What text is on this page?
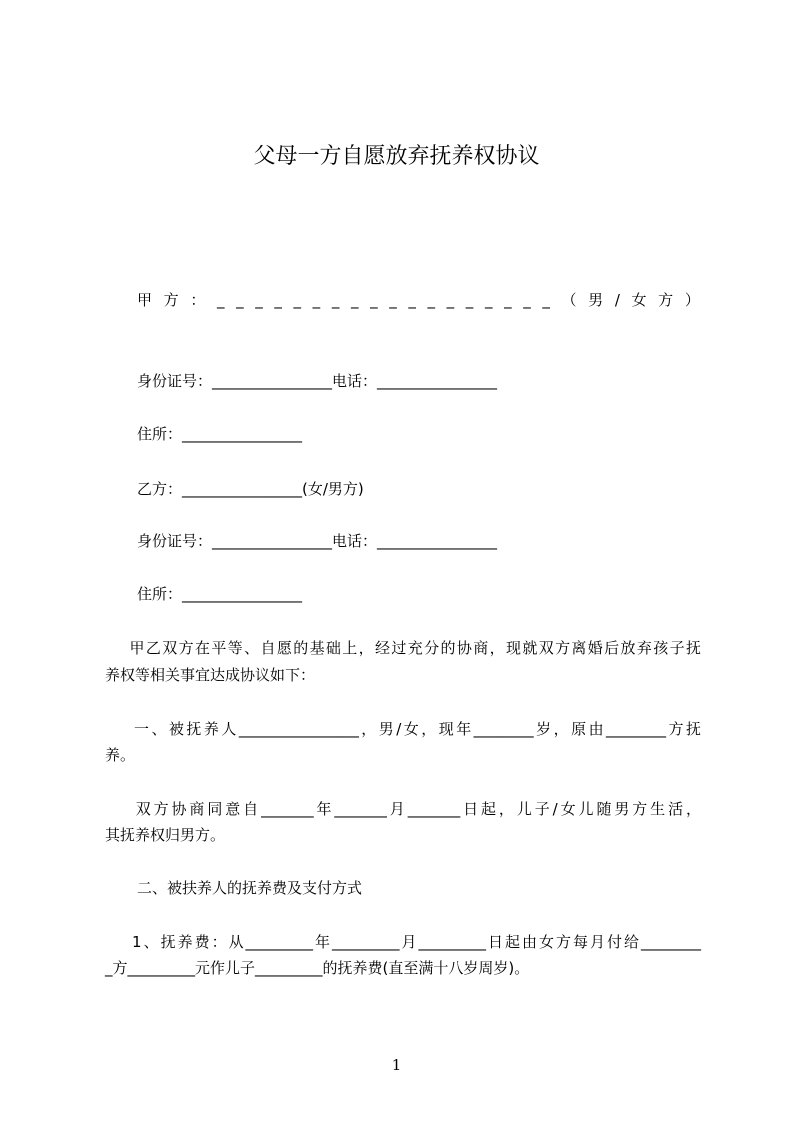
父母一方自愿放弃抚养权协议
甲 方 ： _ _ _ _ _ _ _ _ _ _ _ _ _ _ _ _ _ _ （ 男 / 女 方 ）
身份证号：________________电话：________________
住所：________________
乙方：________________(女/男方)
身份证号：________________电话：________________
住所：________________
甲乙双方在平等、自愿的基础上，经过充分的协商，现就双方离婚后放弃孩子抚
养权等相关事宜达成协议如下：
一、被抚养人________________，男/女，现年________岁，原由________方抚
养。
双方协商同意自_______年_______月_______日起，儿子/女儿随男方生活，
其抚养权归男方。
二、被扶养人的抚养费及支付方式
1、抚养费：从_________年_________月_________日起由女方每月付给________
_方_________元作儿子_________的抚养费(直至满十八岁周岁)。
1
